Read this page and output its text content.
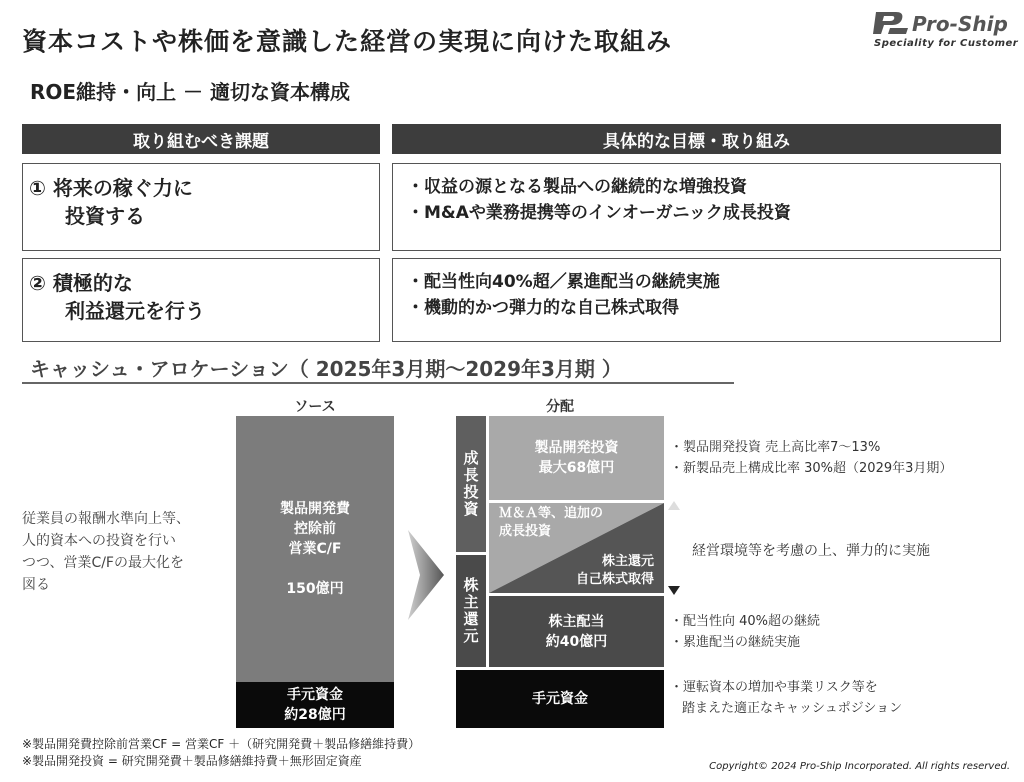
資本コストや株価を意識した経営の実現に向けた取組み
ROE維持・向上 － 適切な資本構成
Pro-Ship
Speciality for Customer
取り組むべき課題	具体的な目標・取り組み
① 将来の稼ぐ力に
投資する
・収益の源となる製品への継続的な増強投資
・M&Aや業務提携等のインオーガニック成長投資
② 積極的な
利益還元を行う
・配当性向40%超／累進配当の継続実施
・機動的かつ弾力的な自己株式取得
キャッシュ・アロケーション（ 2025年3月期～2029年3月期 ）
従業員の報酬水準向上等、
人的資本への投資を行い
つつ、営業C/Fの最大化を
図る
ソース
製品開発費
控除前
営業C/F
150億円
手元資金
約28億円
分配
成長投資
株主還元
製品開発投資
最大68億円
Ｍ＆Ａ等、追加の
成長投資
株主還元
自己株式取得
株主配当
約40億円
手元資金
・製品開発投資 売上高比率7～13%
・新製品売上構成比率 30%超（2029年3月期）
経営環境等を考慮の上、弾力的に実施
・配当性向 40%超の継続
・累進配当の継続実施
・運転資本の増加や事業リスク等を
踏まえた適正なキャッシュポジション
※製品開発費控除前営業CF = 営業CF ＋（研究開発費＋製品修繕維持費）
※製品開発投資 = 研究開発費＋製品修繕維持費＋無形固定資産	Copyright© 2024 Pro-Ship Incorporated. All rights reserved.
